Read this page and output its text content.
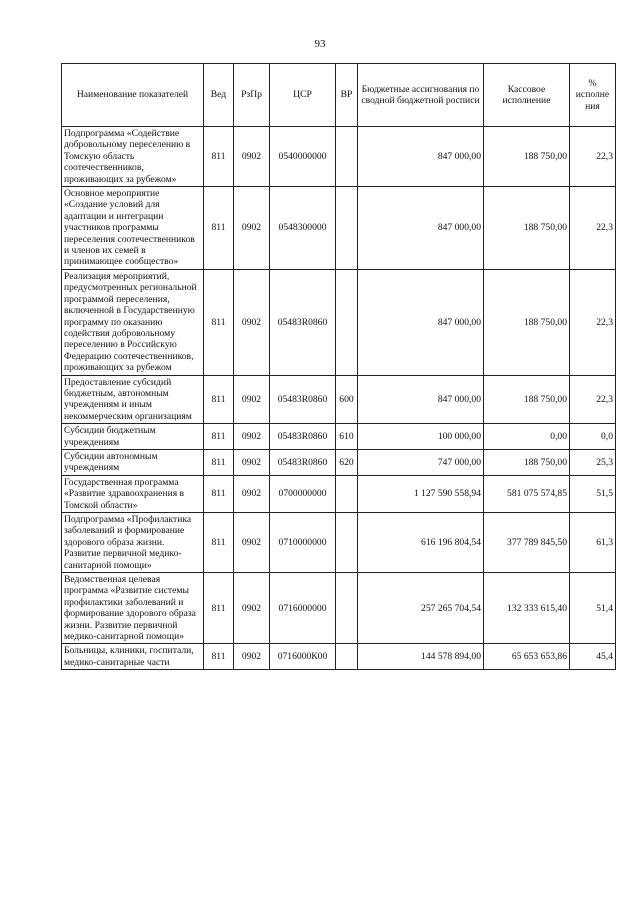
93
Наименование показателей	Вед	РзПр	ЦСР	ВР	Бюджетные ассигнования по сводной бюджетной росписи	Кассовое исполнение	% исполне ния
Подпрограмма «Содействие добровольному переселению в Томскую область соотечественников, проживающих за рубежом»	811	0902	0540000000		847 000,00	188 750,00	22,3
Основное мероприятие «Создание условий для адаптации и интеграции участников программы переселения соотечественников и членов их семей в принимающее сообщество»	811	0902	0548300000		847 000,00	188 750,00	22,3
Реализация мероприятий, предусмотренных региональной программой переселения, включенной в Государственную программу по оказанию содействия добровольному переселению в Российскую Федерацию соотечественников, проживающих за рубежом	811	0902	05483R0860		847 000,00	188 750,00	22,3
Предоставление субсидий бюджетным, автономным учреждениям и иным некоммерческим организациям	811	0902	05483R0860	600	847 000,00	188 750,00	22,3
Субсидии бюджетным учреждениям	811	0902	05483R0860	610	100 000,00	0,00	0,0
Субсидии автономным учреждениям	811	0902	05483R0860	620	747 000,00	188 750,00	25,3
Государственная программа «Развитие здравоохранения в Томской области»	811	0902	0700000000		1 127 590 558,94	581 075 574,85	51,5
Подпрограмма «Профилактика заболеваний и формирование здорового образа жизни. Развитие первичной медико-санитарной помощи»	811	0902	0710000000		616 196 804,54	377 789 845,50	61,3
Ведомственная целевая программа «Развитие системы профилактики заболеваний и формирование здорового образа жизни. Развитие первичной медико-санитарной помощи»	811	0902	0716000000		257 265 704,54	132 333 615,40	51,4
Больницы, клиники, госпитали, медико-санитарные части	811	0902	0716000К00		144 578 894,00	65 653 653,86	45,4
